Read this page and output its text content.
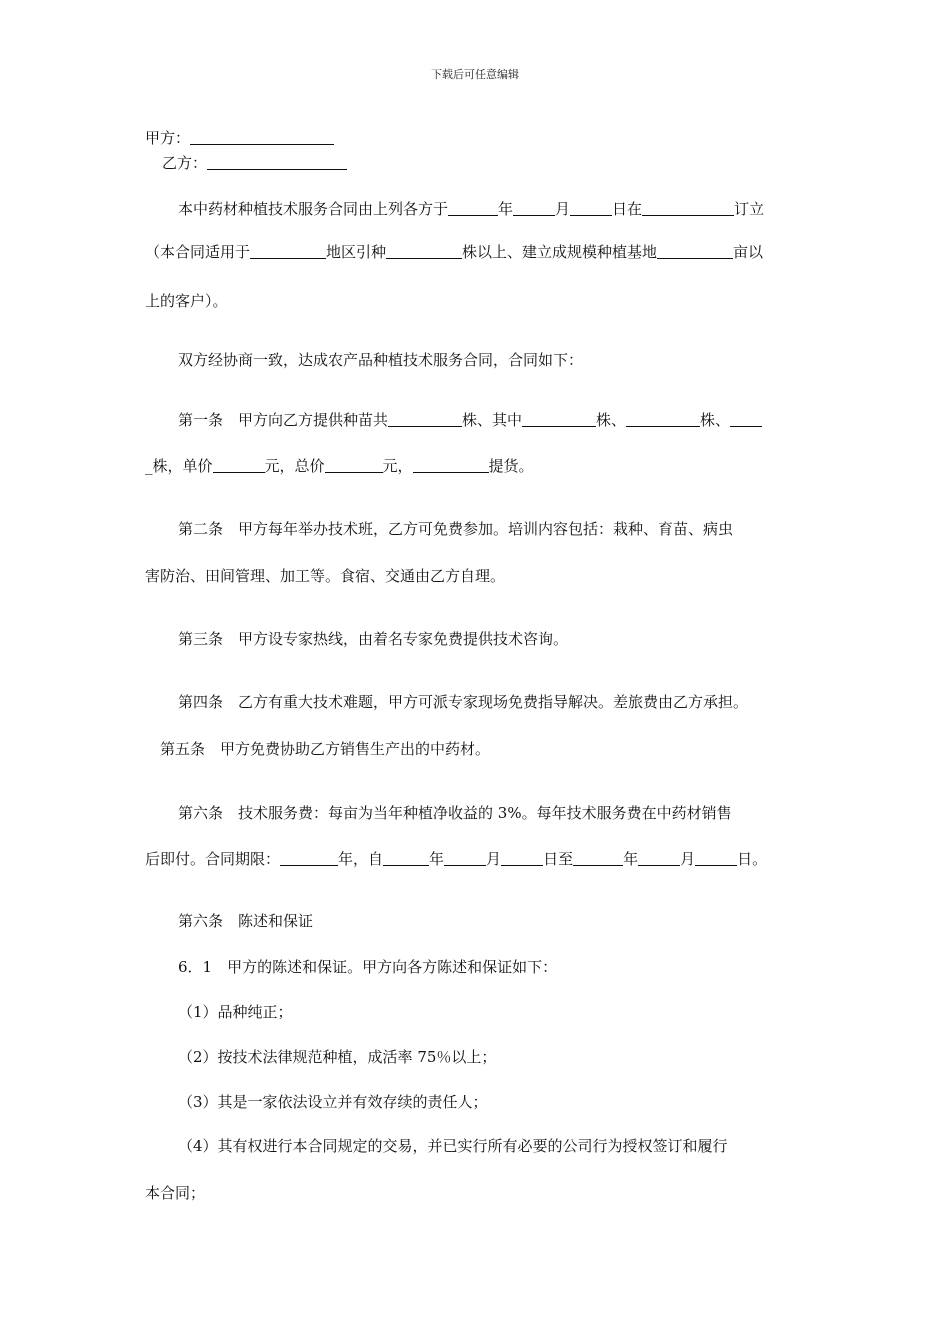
下载后可任意编辑
甲方：
乙方：
本中药材种植技术服务合同由上列各方于	年	月	日在	订立
（本合同适用于	地区引种	株以上、建立成规模种植基地	亩以
上的客户）。
双方经协商一致，达成农产品种植技术服务合同，合同如下：
第一条　甲方向乙方提供种苗共	株、其中	株、	株、
_株，单价	元，总价	元，	提货。
第二条　甲方每年举办技术班，乙方可免费参加。培训内容包括：栽种、育苗、病虫
害防治、田间管理、加工等。食宿、交通由乙方自理。
第三条　甲方设专家热线，由着名专家免费提供技术咨询。
第四条　乙方有重大技术难题，甲方可派专家现场免费指导解决。差旅费由乙方承担。
第五条　甲方免费协助乙方销售生产出的中药材。
第六条　技术服务费：每亩为当年种植净收益的 3%。每年技术服务费在中药材销售
后即付。合同期限：	年，自	年	月	日至	年	月	日。
第六条　陈述和保证
6．1　甲方的陈述和保证。甲方向各方陈述和保证如下：
（1）品种纯正；
（2）按技术法律规范种植，成活率 75％以上；
（3）其是一家依法设立并有效存续的责任人；
（4）其有权进行本合同规定的交易，并已实行所有必要的公司行为授权签订和履行
本合同；
